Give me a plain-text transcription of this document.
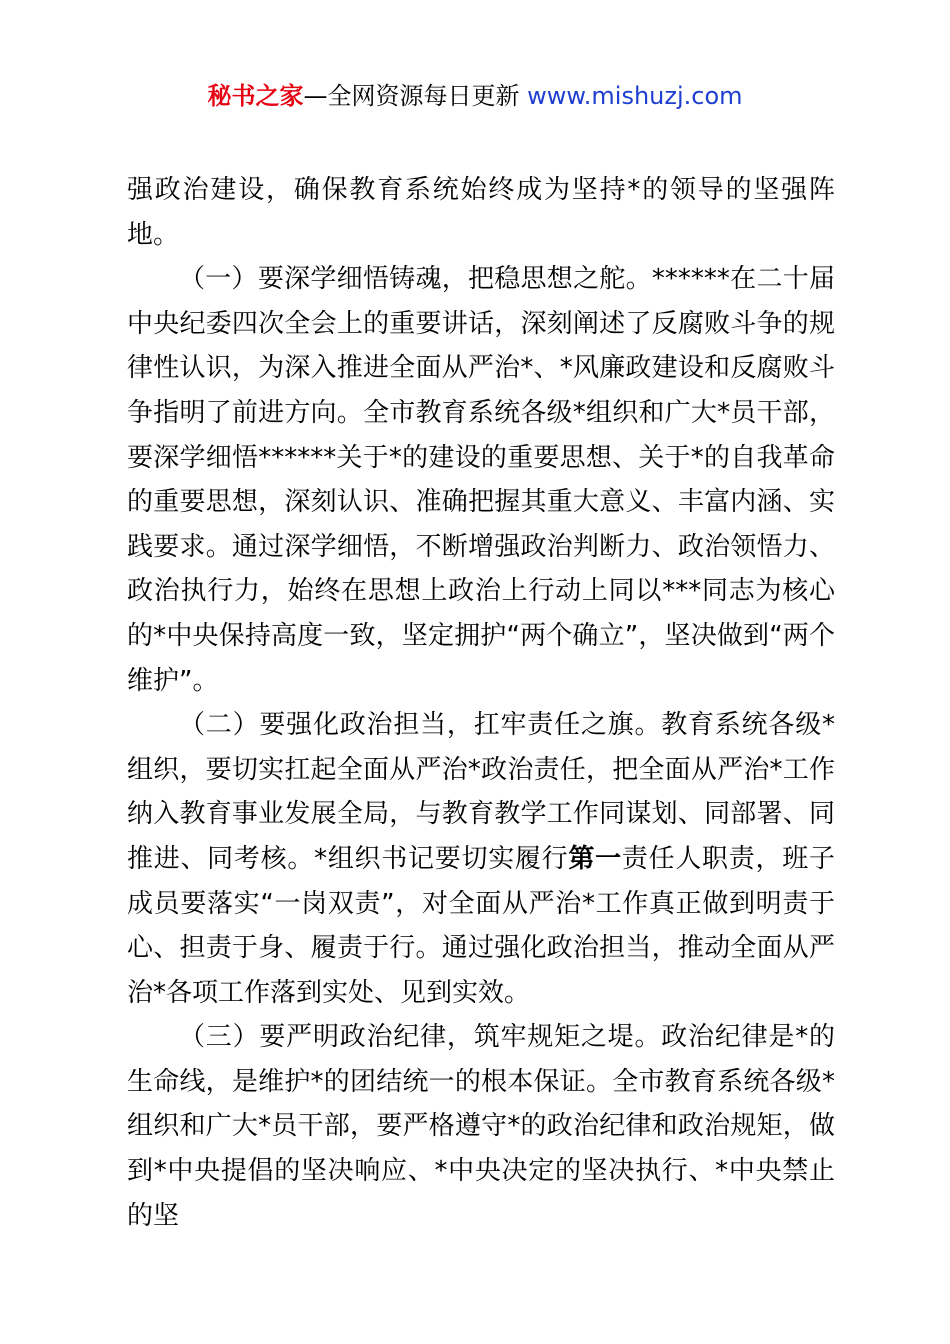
秘书之家—全网资源每日更新 www.mishuzj.com

强政治建设，确保教育系统始终成为坚持*的领导的坚强阵地。

（一）要深学细悟铸魂，把稳思想之舵。******在二十届中央纪委四次全会上的重要讲话，深刻阐述了反腐败斗争的规律性认识，为深入推进全面从严治*、*风廉政建设和反腐败斗争指明了前进方向。全市教育系统各级*组织和广大*员干部，要深学细悟******关于*的建设的重要思想、关于*的自我革命的重要思想，深刻认识、准确把握其重大意义、丰富内涵、实践要求。通过深学细悟，不断增强政治判断力、政治领悟力、政治执行力，始终在思想上政治上行动上同以***同志为核心的*中央保持高度一致，坚定拥护“两个确立”，坚决做到“两个维护”。

（二）要强化政治担当，扛牢责任之旗。教育系统各级*组织，要切实扛起全面从严治*政治责任，把全面从严治*工作纳入教育事业发展全局，与教育教学工作同谋划、同部署、同推进、同考核。*组织书记要切实履行第一责任人职责，班子成员要落实“一岗双责”，对全面从严治*工作真正做到明责于心、担责于身、履责于行。通过强化政治担当，推动全面从严治*各项工作落到实处、见到实效。

（三）要严明政治纪律，筑牢规矩之堤。政治纪律是*的生命线，是维护*的团结统一的根本保证。全市教育系统各级*组织和广大*员干部，要严格遵守*的政治纪律和政治规矩，做到*中央提倡的坚决响应、*中央决定的坚决执行、*中央禁止的坚
